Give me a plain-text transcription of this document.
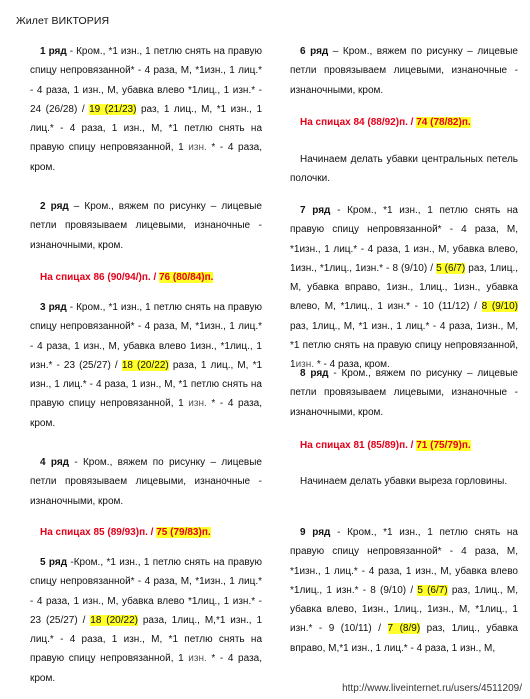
Жилет ВИКТОРИЯ

1 ряд - Кром., *1 изн., 1 петлю снять на правую спицу непровязанной* - 4 раза, М, *1изн., 1 лиц.* - 4 раза, 1 изн., М, убавка влево *1лиц., 1 изн.* - 24 (26/28) / 19 (21/23) раз, 1 лиц., М, *1 изн., 1 лиц.* - 4 раза, 1 изн., М, *1 петлю снять на правую спицу непровязанной, 1 изн. * - 4 раза, кром.

2 ряд – Кром., вяжем по рисунку – лицевые петли провязываем лицевыми, изнаночные - изнаночными, кром.

На спицах 86 (90/94/)п. / 76 (80/84)п.

3 ряд - Кром., *1 изн., 1 петлю снять на правую спицу непровязанной* - 4 раза, М, *1изн., 1 лиц.* - 4 раза, 1 изн., М, убавка влево 1изн., *1лиц., 1 изн.* - 23 (25/27) / 18 (20/22) раза, 1 лиц., М, *1 изн., 1 лиц.* - 4 раза, 1 изн., М, *1 петлю снять на правую спицу непровязанной, 1 изн. * - 4 раза, кром.

4 ряд - Кром., вяжем по рисунку – лицевые петли провязываем лицевыми, изнаночные - изнаночными, кром.

На спицах 85 (89/93)п. / 75 (79/83)п.

5 ряд -Кром., *1 изн., 1 петлю снять на правую спицу непровязанной* - 4 раза, М, *1изн., 1 лиц.* - 4 раза, 1 изн., М, убавка влево *1лиц., 1 изн.* - 23 (25/27) / 18 (20/22) раза, 1лиц., М,*1 изн., 1 лиц.* - 4 раза, 1 изн., М, *1 петлю снять на правую спицу непровязанной, 1 изн. * - 4 раза, кром.

6 ряд – Кром., вяжем по рисунку – лицевые петли провязываем лицевыми, изнаночные - изнаночными, кром.

На спицах 84 (88/92)п. / 74 (78/82)п.

Начинаем делать убавки центральных петель полочки.

7 ряд - Кром., *1 изн., 1 петлю снять на правую спицу непровязанной* - 4 раза, М, *1изн., 1 лиц.* - 4 раза, 1 изн., М, убавка влево, 1изн., *1лиц., 1изн.* - 8 (9/10) / 5 (6/7) раз, 1лиц., М, убавка вправо, 1изн., 1лиц., 1изн., убавка влево, М, *1лиц., 1 изн.* - 10 (11/12) / 8 (9/10) раз, 1лиц., М, *1 изн., 1 лиц.* - 4 раза, 1изн., М, *1 петлю снять на правую спицу непровязанной, 1изн. * - 4 раза, кром.

8 ряд - Кром., вяжем по рисунку – лицевые петли провязываем лицевыми, изнаночные - изнаночными, кром.

На спицах 81 (85/89)п. / 71 (75/79)п.

Начинаем делать убавки выреза горловины.

9 ряд - Кром., *1 изн., 1 петлю снять на правую спицу непровязанной* - 4 раза, М, *1изн., 1 лиц.* - 4 раза, 1 изн., М, убавка влево *1лиц., 1 изн.* - 8 (9/10) / 5 (6/7) раз, 1лиц., М, убавка влево, 1изн., 1лиц., 1изн., М, *1лиц., 1 изн.* - 9 (10/11) / 7 (8/9) раз, 1лиц., убавка вправо, М,*1 изн., 1 лиц.* - 4 раза, 1 изн., М,

http://www.liveinternet.ru/users/4511209/
